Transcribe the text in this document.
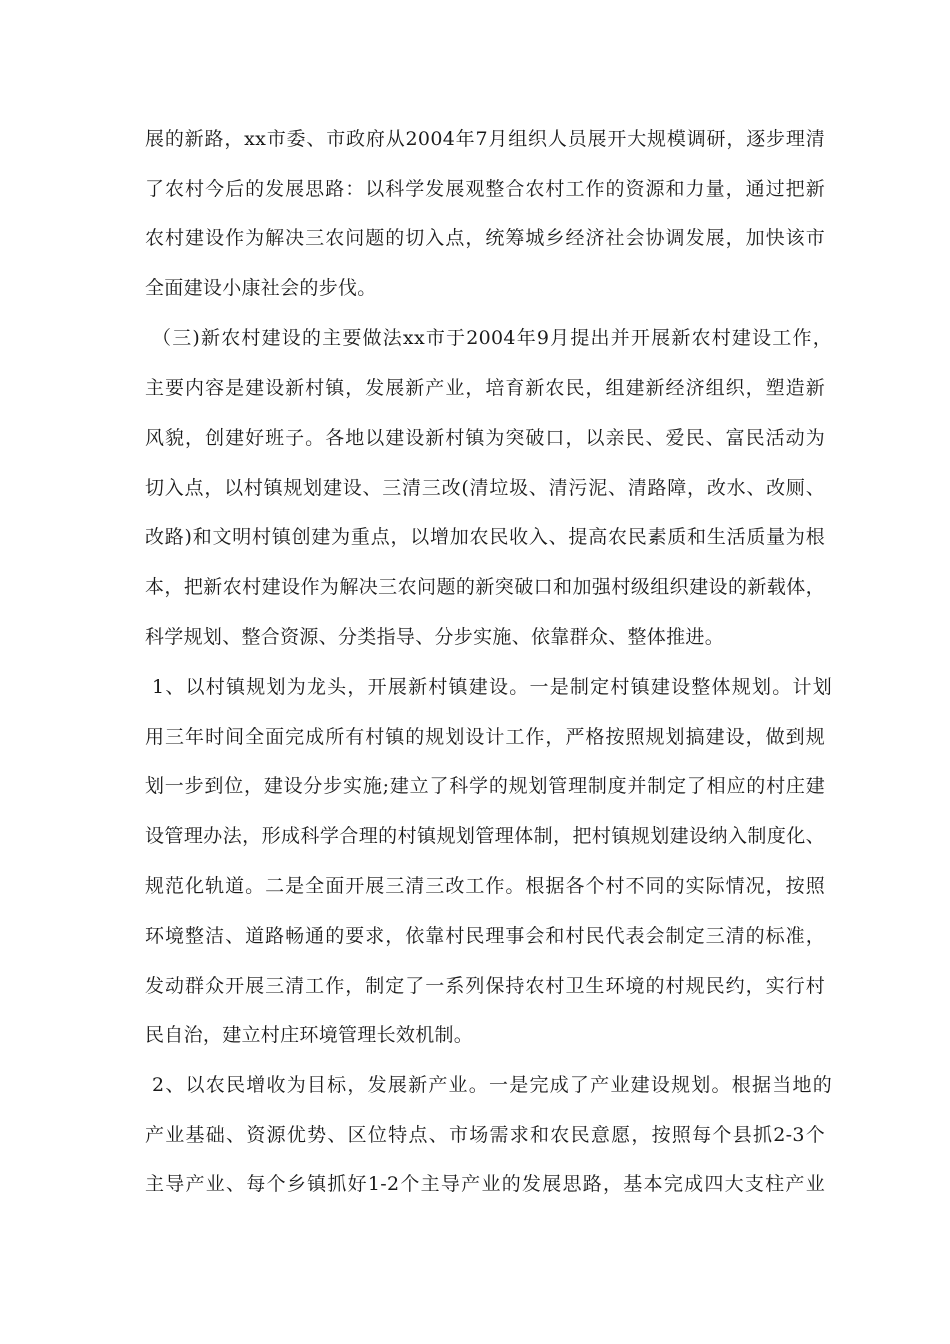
展的新路，xx市委、市政府从2004年7月组织人员展开大规模调研，逐步理清
了农村今后的发展思路：以科学发展观整合农村工作的资源和力量，通过把新
农村建设作为解决三农问题的切入点，统筹城乡经济社会协调发展，加快该市
全面建设小康社会的步伐。
（三)新农村建设的主要做法xx市于2004年9月提出并开展新农村建设工作，
主要内容是建设新村镇，发展新产业，培育新农民，组建新经济组织，塑造新
风貌，创建好班子。各地以建设新村镇为突破口，以亲民、爱民、富民活动为
切入点，以村镇规划建设、三清三改(清垃圾、清污泥、清路障，改水、改厕、
改路)和文明村镇创建为重点，以增加农民收入、提高农民素质和生活质量为根
本，把新农村建设作为解决三农问题的新突破口和加强村级组织建设的新载体，
科学规划、整合资源、分类指导、分步实施、依靠群众、整体推进。
1、以村镇规划为龙头，开展新村镇建设。一是制定村镇建设整体规划。计划
用三年时间全面完成所有村镇的规划设计工作，严格按照规划搞建设，做到规
划一步到位，建设分步实施;建立了科学的规划管理制度并制定了相应的村庄建
设管理办法，形成科学合理的村镇规划管理体制，把村镇规划建设纳入制度化、
规范化轨道。二是全面开展三清三改工作。根据各个村不同的实际情况，按照
环境整洁、道路畅通的要求，依靠村民理事会和村民代表会制定三清的标准，
发动群众开展三清工作，制定了一系列保持农村卫生环境的村规民约，实行村
民自治，建立村庄环境管理长效机制。
2、以农民增收为目标，发展新产业。一是完成了产业建设规划。根据当地的
产业基础、资源优势、区位特点、市场需求和农民意愿，按照每个县抓2-3个
主导产业、每个乡镇抓好1-2个主导产业的发展思路，基本完成四大支柱产业
